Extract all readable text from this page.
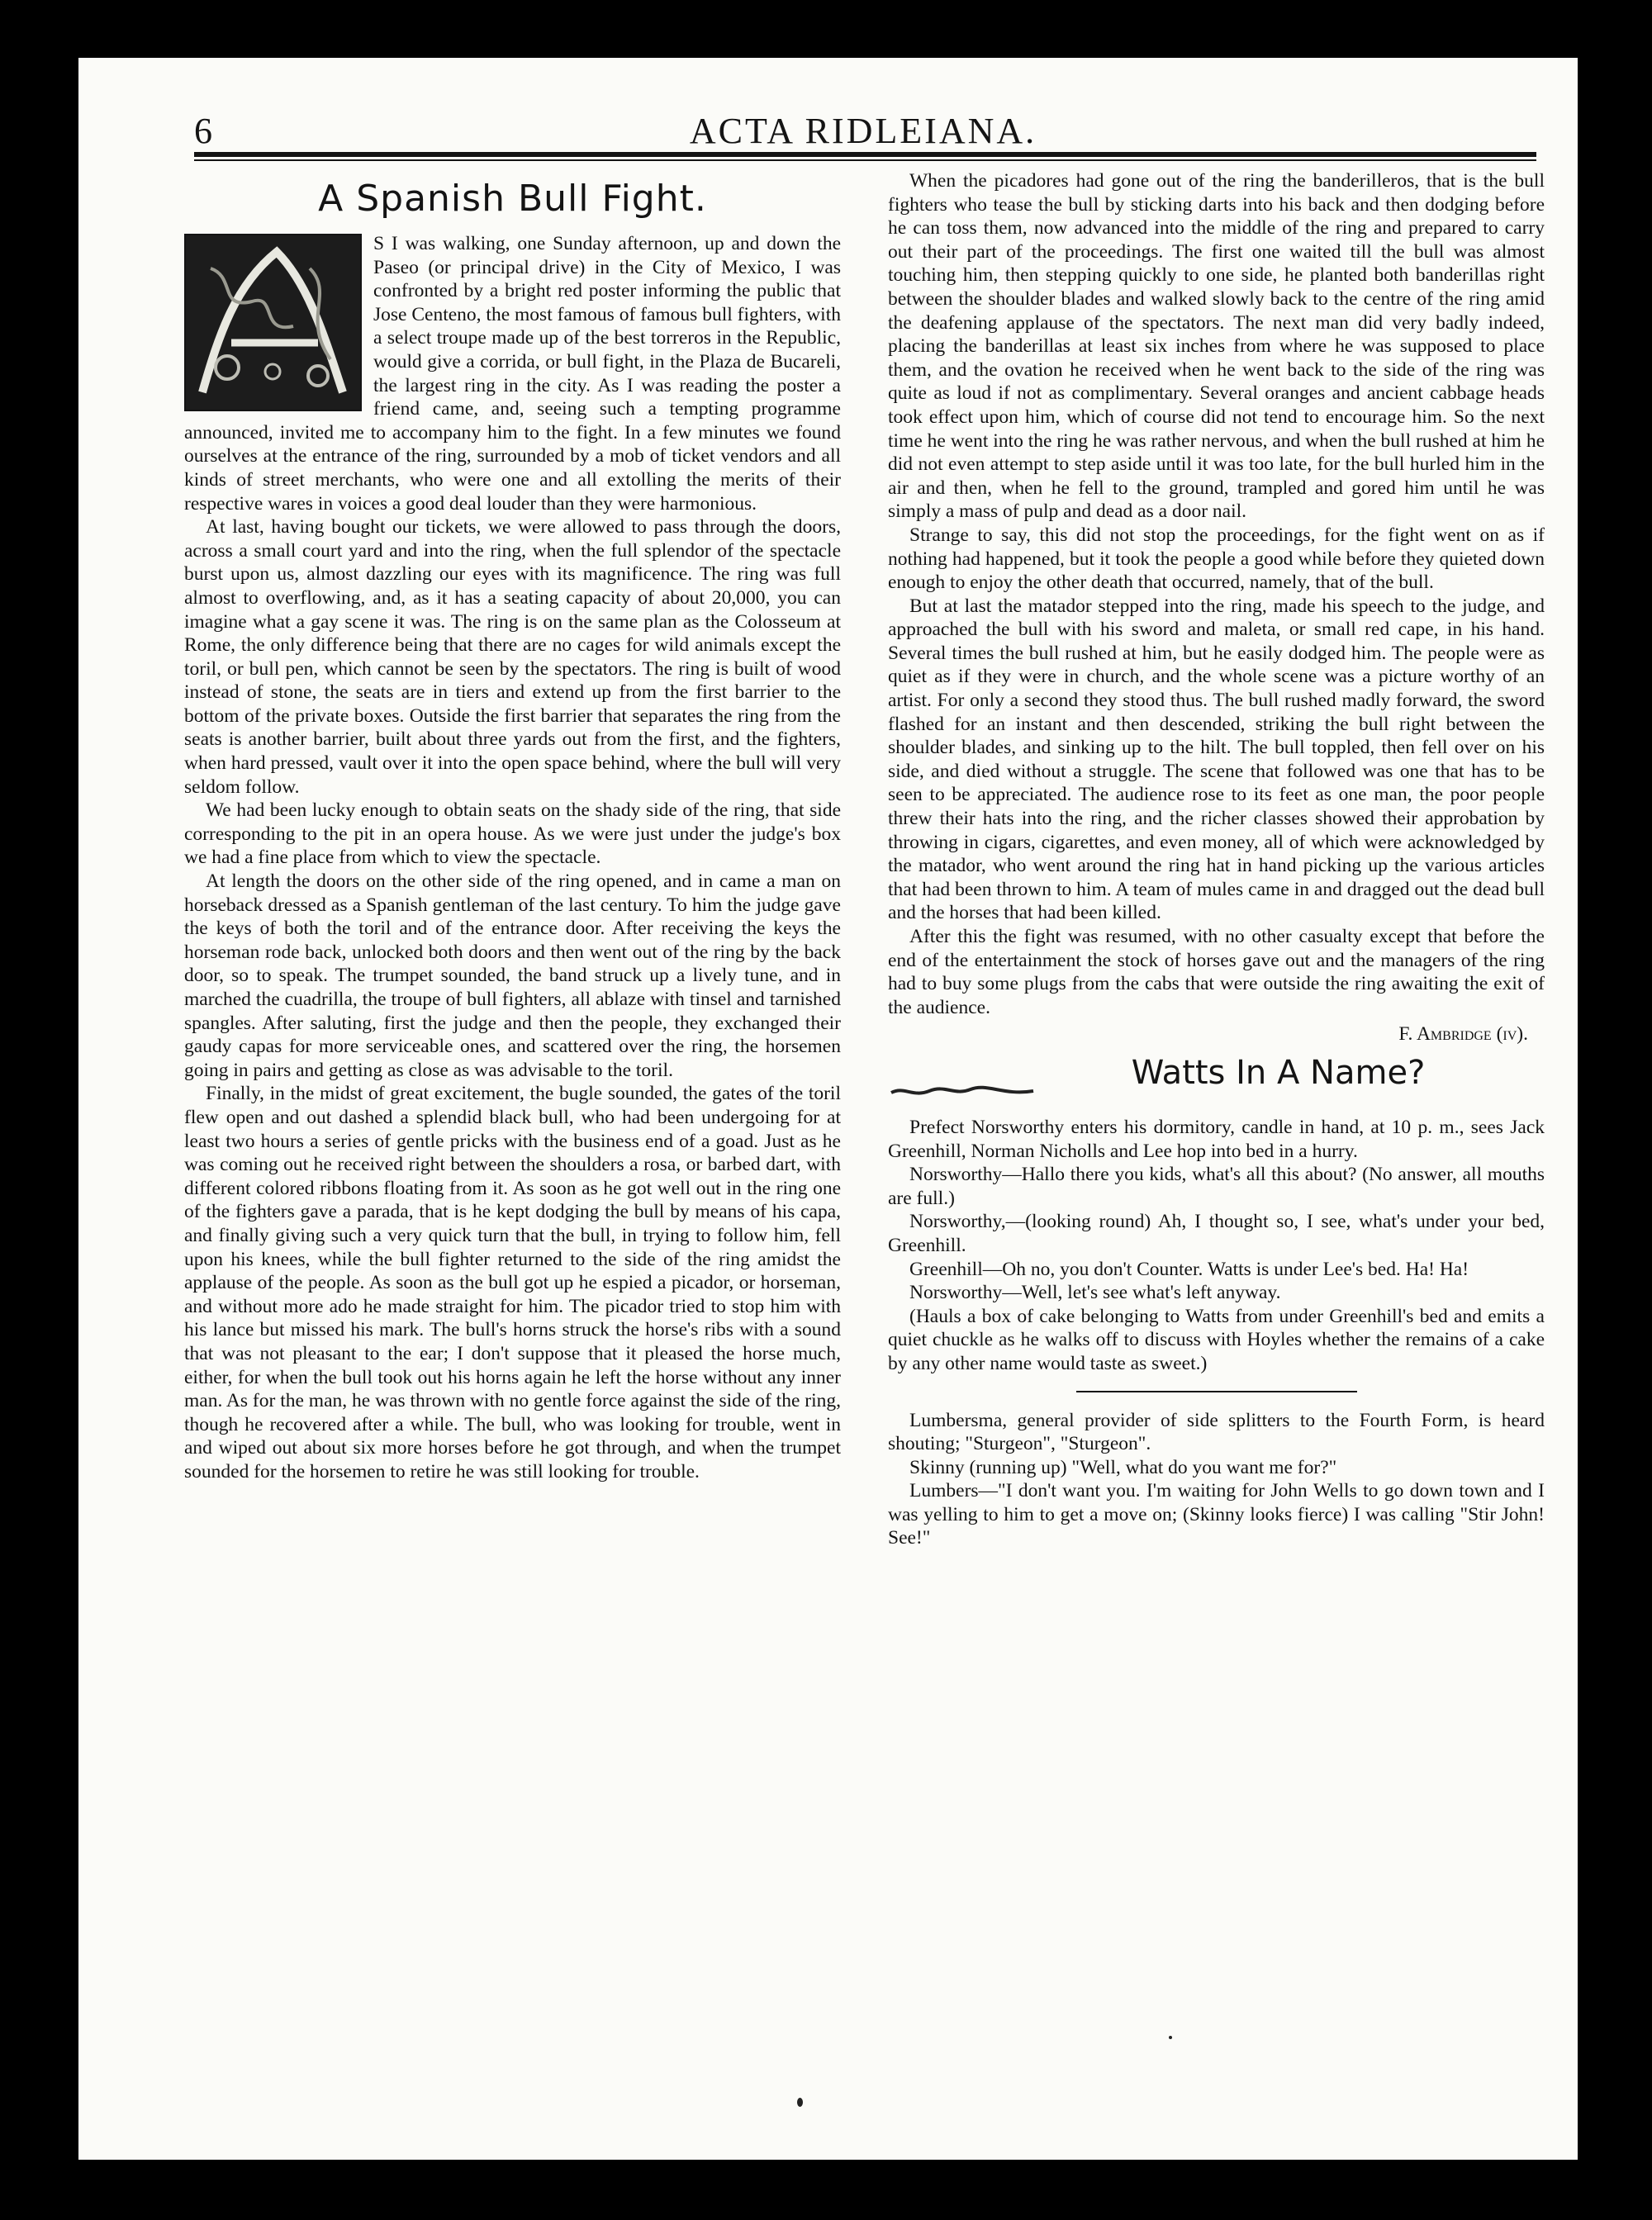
6	ACTA RIDLEIANA.
A Spanish Bull Fight.

S I was walking, one Sunday afternoon, up and down the Paseo (or principal drive) in the City of Mexico, I was confronted by a bright red poster informing the public that Jose Centeno, the most famous of famous bull fighters, with a select troupe made up of the best torreros in the Republic, would give a corrida, or bull fight, in the Plaza de Bucareli, the largest ring in the city. As I was reading the poster a friend came, and, seeing such a tempting programme announced, invited me to accompany him to the fight. In a few minutes we found ourselves at the entrance of the ring, surrounded by a mob of ticket vendors and all kinds of street merchants, who were one and all extolling the merits of their respective wares in voices a good deal louder than they were harmonious.

At last, having bought our tickets, we were allowed to pass through the doors, across a small court yard and into the ring, when the full splendor of the spectacle burst upon us, almost dazzling our eyes with its magnificence. The ring was full almost to overflowing, and, as it has a seating capacity of about 20,000, you can imagine what a gay scene it was. The ring is on the same plan as the Colosseum at Rome, the only difference being that there are no cages for wild animals except the toril, or bull pen, which cannot be seen by the spectators. The ring is built of wood instead of stone, the seats are in tiers and extend up from the first barrier to the bottom of the private boxes. Outside the first barrier that separates the ring from the seats is another barrier, built about three yards out from the first, and the fighters, when hard pressed, vault over it into the open space behind, where the bull will very seldom follow.

We had been lucky enough to obtain seats on the shady side of the ring, that side corresponding to the pit in an opera house. As we were just under the judge's box we had a fine place from which to view the spectacle.

At length the doors on the other side of the ring opened, and in came a man on horseback dressed as a Spanish gentleman of the last century. To him the judge gave the keys of both the toril and of the entrance door. After receiving the keys the horseman rode back, unlocked both doors and then went out of the ring by the back door, so to speak. The trumpet sounded, the band struck up a lively tune, and in marched the cuadrilla, the troupe of bull fighters, all ablaze with tinsel and tarnished spangles. After saluting, first the judge and then the people, they exchanged their gaudy capas for more serviceable ones, and scattered over the ring, the horsemen going in pairs and getting as close as was advisable to the toril.

Finally, in the midst of great excitement, the bugle sounded, the gates of the toril flew open and out dashed a splendid black bull, who had been undergoing for at least two hours a series of gentle pricks with the business end of a goad. Just as he was coming out he received right between the shoulders a rosa, or barbed dart, with different colored ribbons floating from it. As soon as he got well out in the ring one of the fighters gave a parada, that is he kept dodging the bull by means of his capa, and finally giving such a very quick turn that the bull, in trying to follow him, fell upon his knees, while the bull fighter returned to the side of the ring amidst the applause of the people. As soon as the bull got up he espied a picador, or horseman, and without more ado he made straight for him. The picador tried to stop him with his lance but missed his mark. The bull's horns struck the horse's ribs with a sound that was not pleasant to the ear; I don't suppose that it pleased the horse much, either, for when the bull took out his horns again he left the horse without any inner man. As for the man, he was thrown with no gentle force against the side of the ring, though he recovered after a while. The bull, who was looking for trouble, went in and wiped out about six more horses before he got through, and when the trumpet sounded for the horsemen to retire he was still looking for trouble.

When the picadores had gone out of the ring the banderilleros, that is the bull fighters who tease the bull by sticking darts into his back and then dodging before he can toss them, now advanced into the middle of the ring and prepared to carry out their part of the proceedings. The first one waited till the bull was almost touching him, then stepping quickly to one side, he planted both banderillas right between the shoulder blades and walked slowly back to the centre of the ring amid the deafening applause of the spectators. The next man did very badly indeed, placing the banderillas at least six inches from where he was supposed to place them, and the ovation he received when he went back to the side of the ring was quite as loud if not as complimentary. Several oranges and ancient cabbage heads took effect upon him, which of course did not tend to encourage him. So the next time he went into the ring he was rather nervous, and when the bull rushed at him he did not even attempt to step aside until it was too late, for the bull hurled him in the air and then, when he fell to the ground, trampled and gored him until he was simply a mass of pulp and dead as a door nail.

Strange to say, this did not stop the proceedings, for the fight went on as if nothing had happened, but it took the people a good while before they quieted down enough to enjoy the other death that occurred, namely, that of the bull.

But at last the matador stepped into the ring, made his speech to the judge, and approached the bull with his sword and maleta, or small red cape, in his hand. Several times the bull rushed at him, but he easily dodged him. The people were as quiet as if they were in church, and the whole scene was a picture worthy of an artist. For only a second they stood thus. The bull rushed madly forward, the sword flashed for an instant and then descended, striking the bull right between the shoulder blades, and sinking up to the hilt. The bull toppled, then fell over on his side, and died without a struggle. The scene that followed was one that has to be seen to be appreciated. The audience rose to its feet as one man, the poor people threw their hats into the ring, and the richer classes showed their approbation by throwing in cigars, cigarettes, and even money, all of which were acknowledged by the matador, who went around the ring hat in hand picking up the various articles that had been thrown to him. A team of mules came in and dragged out the dead bull and the horses that had been killed.

After this the fight was resumed, with no other casualty except that before the end of the entertainment the stock of horses gave out and the managers of the ring had to buy some plugs from the cabs that were outside the ring awaiting the exit of the audience.

F. Ambridge (iv).
Watts In A Name?

Prefect Norsworthy enters his dormitory, candle in hand, at 10 p. m., sees Jack Greenhill, Norman Nicholls and Lee hop into bed in a hurry.

Norsworthy—Hallo there you kids, what's all this about? (No answer, all mouths are full.)

Norsworthy,—(looking round) Ah, I thought so, I see, what's under your bed, Greenhill.

Greenhill—Oh no, you don't Counter. Watts is under Lee's bed. Ha! Ha!

Norsworthy—Well, let's see what's left anyway.

(Hauls a box of cake belonging to Watts from under Greenhill's bed and emits a quiet chuckle as he walks off to discuss with Hoyles whether the remains of a cake by any other name would taste as sweet.)

Lumbersma, general provider of side splitters to the Fourth Form, is heard shouting; "Sturgeon", "Sturgeon".

Skinny (running up) "Well, what do you want me for?"

Lumbers—"I don't want you. I'm waiting for John Wells to go down town and I was yelling to him to get a move on; (Skinny looks fierce) I was calling "Stir John! See!"
